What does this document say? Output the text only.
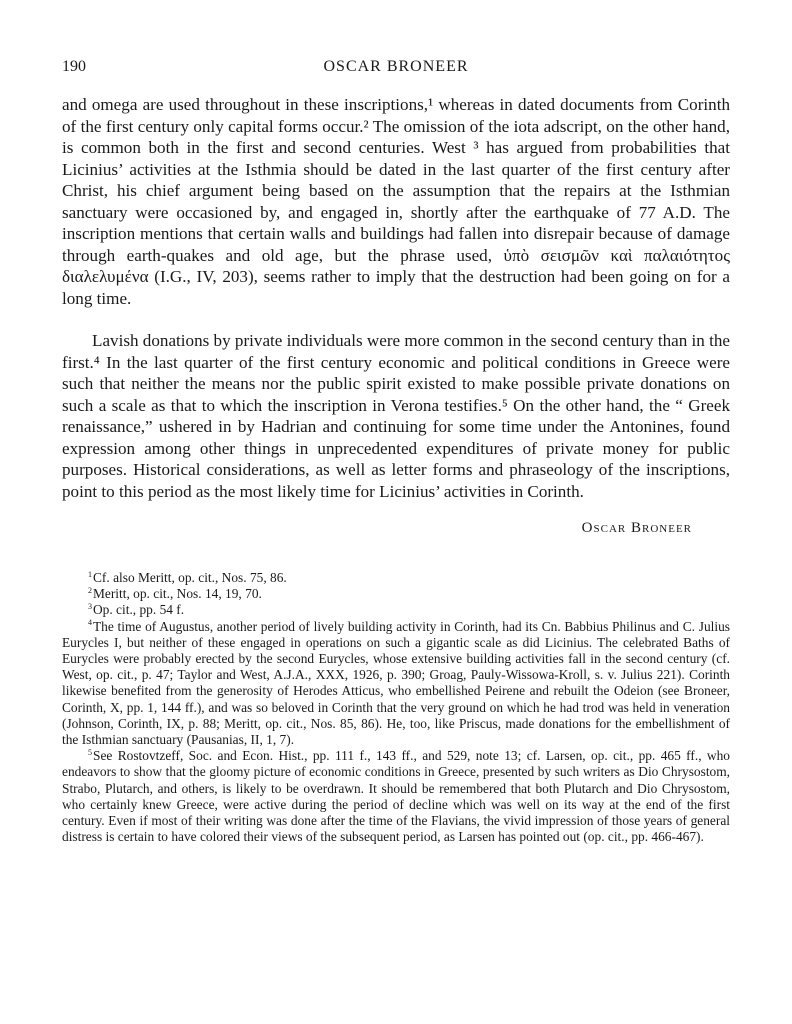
190	OSCAR BRONEER

and omega are used throughout in these inscriptions,¹ whereas in dated documents from Corinth of the first century only capital forms occur.² The omission of the iota adscript, on the other hand, is common both in the first and second centuries. West ³ has argued from probabilities that Licinius’ activities at the Isthmia should be dated in the last quarter of the first century after Christ, his chief argument being based on the assumption that the repairs at the Isthmian sanctuary were occasioned by, and engaged in, shortly after the earthquake of 77 A.D. The inscription mentions that certain walls and buildings had fallen into disrepair because of damage through earth-quakes and old age, but the phrase used, ὑπὸ σεισμῶν καὶ παλαιότητος διαλελυμένα (I.G., IV, 203), seems rather to imply that the destruction had been going on for a long time.

Lavish donations by private individuals were more common in the second century than in the first.⁴ In the last quarter of the first century economic and political conditions in Greece were such that neither the means nor the public spirit existed to make possible private donations on such a scale as that to which the inscription in Verona testifies.⁵ On the other hand, the “ Greek renaissance,” ushered in by Hadrian and continuing for some time under the Antonines, found expression among other things in unprecedented expenditures of private money for public purposes. Historical considerations, as well as letter forms and phraseology of the inscriptions, point to this period as the most likely time for Licinius’ activities in Corinth.

Oscar Broneer

$^1$Cf. also Meritt, op. cit., Nos. 75, 86.

$^2$Meritt, op. cit., Nos. 14, 19, 70.

$^3$Op. cit., pp. 54 f.

$^4$The time of Augustus, another period of lively building activity in Corinth, had its Cn. Babbius Philinus and C. Julius Eurycles I, but neither of these engaged in operations on such a gigantic scale as did Licinius. The celebrated Baths of Eurycles were probably erected by the second Eurycles, whose extensive building activities fall in the second century (cf. West, op. cit., p. 47; Taylor and West, A.J.A., XXX, 1926, p. 390; Groag, Pauly-Wissowa-Kroll, s. v. Julius 221). Corinth likewise benefited from the generosity of Herodes Atticus, who embellished Peirene and rebuilt the Odeion (see Broneer, Corinth, X, pp. 1, 144 ff.), and was so beloved in Corinth that the very ground on which he had trod was held in veneration (Johnson, Corinth, IX, p. 88; Meritt, op. cit., Nos. 85, 86). He, too, like Priscus, made donations for the embellishment of the Isthmian sanctuary (Pausanias, II, 1, 7).

$^5$See Rostovtzeff, Soc. and Econ. Hist., pp. 111 f., 143 ff., and 529, note 13; cf. Larsen, op. cit., pp. 465 ff., who endeavors to show that the gloomy picture of economic conditions in Greece, presented by such writers as Dio Chrysostom, Strabo, Plutarch, and others, is likely to be overdrawn. It should be remembered that both Plutarch and Dio Chrysostom, who certainly knew Greece, were active during the period of decline which was well on its way at the end of the first century. Even if most of their writing was done after the time of the Flavians, the vivid impression of those years of general distress is certain to have colored their views of the subsequent period, as Larsen has pointed out (op. cit., pp. 466-467).
